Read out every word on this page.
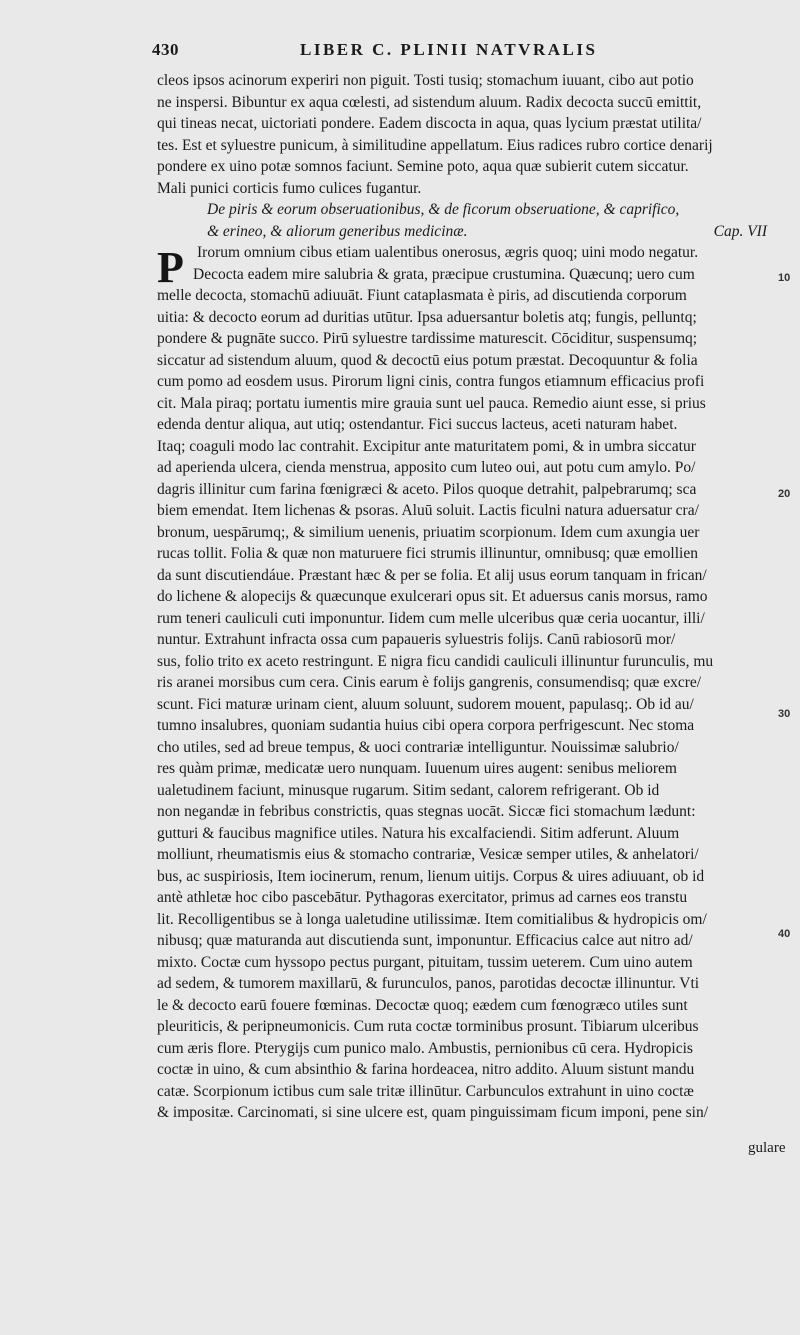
430	LIBER C. PLINII NATVRALIS
P
cleos ipsos acinorum experiri non piguit. Tosti tusiq; stomachum iuuant, cibo aut potio
ne inspersi. Bibuntur ex aqua cœlesti, ad sistendum aluum. Radix decocta succū emittit,
qui tineas necat, uictoriati pondere. Eadem discocta in aqua, quas lycium præstat utilita/
tes. Est et syluestre punicum, à similitudine appellatum. Eius radices rubro cortice denarij
pondere ex uino potæ somnos faciunt. Semine poto, aqua quæ subierit cutem siccatur.
Mali punici corticis fumo culices fugantur.
De piris & eorum obseruationibus, & de ficorum obseruatione, & caprifico,
& erineo, & aliorum generibus medicinæ.	Cap. VII
Irorum omnium cibus etiam ualentibus onerosus, ægris quoq; uini modo negatur.
Decocta eadem mire salubria & grata, præcipue crustumina. Quæcunq; uero cum
melle decocta, stomachū adiuuāt. Fiunt cataplasmata è piris, ad discutienda corporum
uitia: & decocto eorum ad duritias utūtur. Ipsa aduersantur boletis atq; fungis, pelluntq;
pondere & pugnāte succo. Pirū syluestre tardissime maturescit. Cōciditur, suspensumq;
siccatur ad sistendum aluum, quod & decoctū eius potum præstat. Decoquuntur & folia
cum pomo ad eosdem usus. Pirorum ligni cinis, contra fungos etiamnum efficacius profi
cit. Mala piraq; portatu iumentis mire grauia sunt uel pauca. Remedio aiunt esse, si prius
edenda dentur aliqua, aut utiq; ostendantur. Fici succus lacteus, aceti naturam habet.
Itaq; coaguli modo lac contrahit. Excipitur ante maturitatem pomi, & in umbra siccatur
ad aperienda ulcera, cienda menstrua, apposito cum luteo oui, aut potu cum amylo. Po/
dagris illinitur cum farina fœnigræci & aceto. Pilos quoque detrahit, palpebrarumq; sca
biem emendat. Item lichenas & psoras. Aluū soluit. Lactis ficulni natura aduersatur cra/
bronum, uespārumq;, & similium uenenis, priuatim scorpionum. Idem cum axungia uer
rucas tollit. Folia & quæ non maturuere fici strumis illinuntur, omnibusq; quæ emollien
da sunt discutiendáue. Præstant hæc & per se folia. Et alij usus eorum tanquam in frican/
do lichene & alopecijs & quæcunque exulcerari opus sit. Et aduersus canis morsus, ramo
rum teneri cauliculi cuti imponuntur. Iidem cum melle ulceribus quæ ceria uocantur, illi/
nuntur. Extrahunt infracta ossa cum papaueris syluestris folijs. Canū rabiosorū mor/
sus, folio trito ex aceto restringunt. E nigra ficu candidi cauliculi illinuntur furunculis, mu
ris aranei morsibus cum cera. Cinis earum è folijs gangrenis, consumendisq; quæ excre/
scunt. Fici maturæ urinam cient, aluum soluunt, sudorem mouent, papulasq;. Ob id au/
tumno insalubres, quoniam sudantia huius cibi opera corpora perfrigescunt. Nec stoma
cho utiles, sed ad breue tempus, & uoci contrariæ intelliguntur. Nouissimæ salubrio/
res quàm primæ, medicatæ uero nunquam. Iuuenum uires augent: senibus meliorem
ualetudinem faciunt, minusque rugarum. Sitim sedant, calorem refrigerant. Ob id
non negandæ in febribus constrictis, quas stegnas uocāt. Siccæ fici stomachum lædunt:
gutturi & faucibus magnifice utiles. Natura his excalfaciendi. Sitim adferunt. Aluum
molliunt, rheumatismis eius & stomacho contrariæ, Vesicæ semper utiles, & anhelatori/
bus, ac suspiriosis, Item iocinerum, renum, lienum uitijs. Corpus & uires adiuuant, ob id
antè athletæ hoc cibo pascebātur. Pythagoras exercitator, primus ad carnes eos transtu
lit. Recolligentibus se à longa ualetudine utilissimæ. Item comitialibus & hydropicis om/
nibusq; quæ maturanda aut discutienda sunt, imponuntur. Efficacius calce aut nitro ad/
mixto. Coctæ cum hyssopo pectus purgant, pituitam, tussim ueterem. Cum uino autem
ad sedem, & tumorem maxillarū, & furunculos, panos, parotidas decoctæ illinuntur. Vti
le & decocto earū fouere fœminas. Decoctæ quoq; eædem cum fœnogræco utiles sunt
pleuriticis, & peripneumonicis. Cum ruta coctæ torminibus prosunt. Tibiarum ulceribus
cum æris flore. Pterygijs cum punico malo. Ambustis, pernionibus cū cera. Hydropicis
coctæ in uino, & cum absinthio & farina hordeacea, nitro addito. Aluum sistunt mandu
catæ. Scorpionum ictibus cum sale tritæ illinūtur. Carbunculos extrahunt in uino coctæ
& impositæ. Carcinomati, si sine ulcere est, quam pinguissimam ficum imponi, pene sin/
10
20
30
40
gulare
